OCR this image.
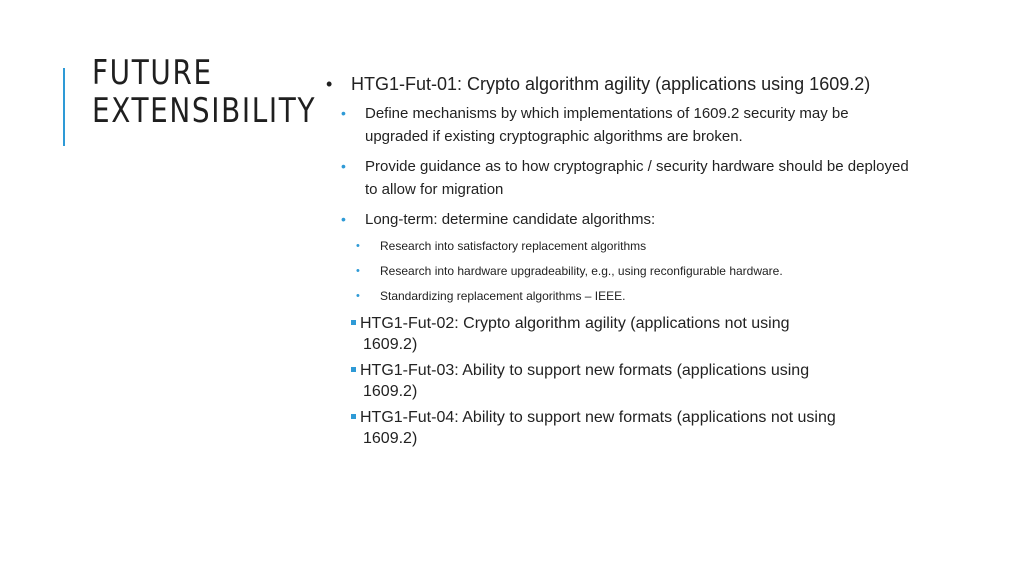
FUTURE
EXTENSIBILITY
• HTG1-Fut-01: Crypto algorithm agility (applications using 1609.2)
• Define mechanisms by which implementations of 1609.2 security may be upgraded if existing cryptographic algorithms are broken.
• Provide guidance as to how cryptographic / security hardware should be deployed to allow for migration
• Long-term: determine candidate algorithms:
• Research into satisfactory replacement algorithms
• Research into hardware upgradeability, e.g., using reconfigurable hardware.
• Standardizing replacement algorithms – IEEE.
HTG1-Fut-02: Crypto algorithm agility (applications not using
1609.2)
HTG1-Fut-03: Ability to support new formats (applications using
1609.2)
HTG1-Fut-04: Ability to support new formats (applications not using
1609.2)
